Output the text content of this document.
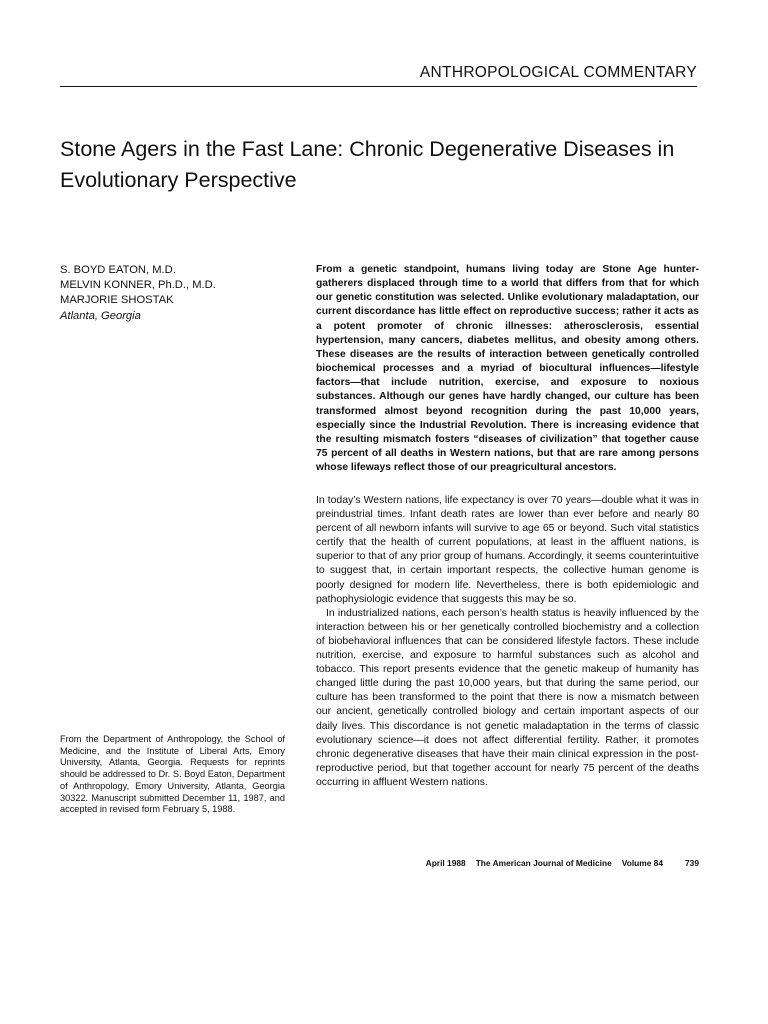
ANTHROPOLOGICAL COMMENTARY
Stone Agers in the Fast Lane: Chronic Degenerative Diseases in Evolutionary Perspective
S. BOYD EATON, M.D.
MELVIN KONNER, Ph.D., M.D.
MARJORIE SHOSTAK
Atlanta, Georgia
From the Department of Anthropology, the School of Medicine, and the Institute of Liberal Arts, Emory University, Atlanta, Georgia. Requests for reprints should be addressed to Dr. S. Boyd Eaton, Department of Anthropology, Emory University, Atlanta, Georgia 30322. Manuscript submitted December 11, 1987, and accepted in revised form February 5, 1988.

From a genetic standpoint, humans living today are Stone Age hunter-gatherers displaced through time to a world that differs from that for which our genetic constitution was selected. Unlike evolutionary maladaptation, our current discordance has little effect on reproductive success; rather it acts as a potent promoter of chronic illnesses: atherosclerosis, essential hypertension, many cancers, diabetes mellitus, and obesity among others. These diseases are the results of interaction between genetically controlled biochemical processes and a myriad of biocultural influences—lifestyle factors—that include nutrition, exercise, and exposure to noxious substances. Although our genes have hardly changed, our culture has been transformed almost beyond recognition during the past 10,000 years, especially since the Industrial Revolution. There is increasing evidence that the resulting mismatch fosters “diseases of civilization” that together cause 75 percent of all deaths in Western nations, but that are rare among persons whose lifeways reflect those of our preagricultural ancestors.

In today’s Western nations, life expectancy is over 70 years—double what it was in preindustrial times. Infant death rates are lower than ever before and nearly 80 percent of all newborn infants will survive to age 65 or beyond. Such vital statistics certify that the health of current populations, at least in the affluent nations, is superior to that of any prior group of humans. Accordingly, it seems counterintuitive to suggest that, in certain important respects, the collective human genome is poorly designed for modern life. Nevertheless, there is both epidemiologic and pathophysiologic evidence that suggests this may be so.

In industrialized nations, each person’s health status is heavily influenced by the interaction between his or her genetically controlled biochemistry and a collection of biobehavioral influences that can be considered lifestyle factors. These include nutrition, exercise, and exposure to harmful substances such as alcohol and tobacco. This report presents evidence that the genetic makeup of humanity has changed little during the past 10,000 years, but that during the same period, our culture has been transformed to the point that there is now a mismatch between our ancient, genetically controlled biology and certain important aspects of our daily lives. This discordance is not genetic maladaptation in the terms of classic evolutionary science—it does not affect differential fertility. Rather, it promotes chronic degenerative diseases that have their main clinical expression in the post-reproductive period, but that together account for nearly 75 percent of the deaths occurring in affluent Western nations.

April 1988 The American Journal of Medicine Volume 84	739
